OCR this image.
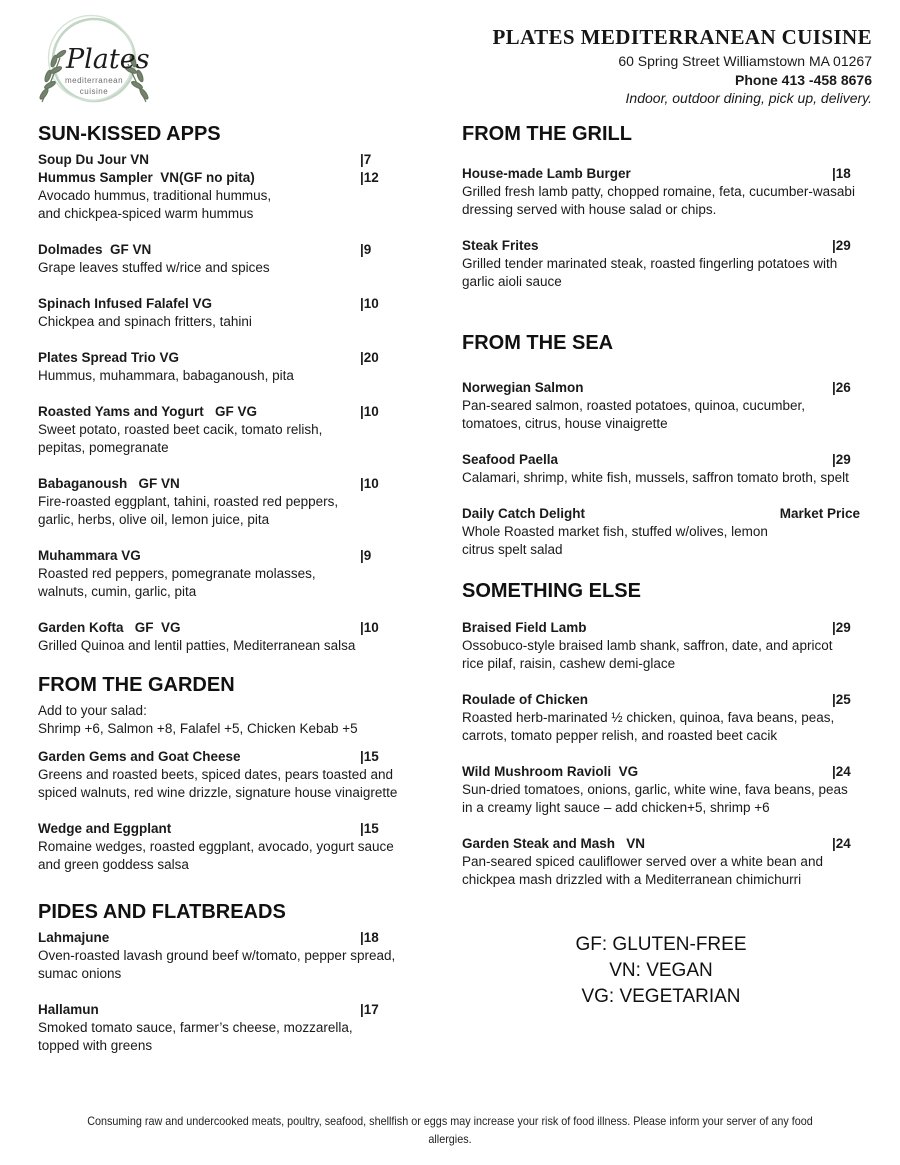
Plates
mediterranean
cuisine
PLATES MEDITERRANEAN CUISINE
60 Spring Street Williamstown MA 01267
Phone 413 -458 8676
Indoor, outdoor dining, pick up, delivery.
SUN-KISSED APPS
Soup Du Jour VN	|7
Hummus Sampler  VN(GF no pita)	|12
Avocado hummus, traditional hummus,
and chickpea-spiced warm hummus
Dolmades  GF VN	|9
Grape leaves stuffed w/rice and spices
Spinach Infused Falafel VG	|10
Chickpea and spinach fritters, tahini
Plates Spread Trio VG	|20
Hummus, muhammara, babaganoush, pita
Roasted Yams and Yogurt   GF VG	|10
Sweet potato, roasted beet cacik, tomato relish,
pepitas, pomegranate
Babaganoush   GF VN	|10
Fire-roasted eggplant, tahini, roasted red peppers,
garlic, herbs, olive oil, lemon juice, pita
Muhammara VG	|9
Roasted red peppers, pomegranate molasses,
walnuts, cumin, garlic, pita
Garden Kofta   GF  VG	|10
Grilled Quinoa and lentil patties, Mediterranean salsa
FROM THE GARDEN
Add to your salad:
Shrimp +6, Salmon +8, Falafel +5, Chicken Kebab +5
Garden Gems and Goat Cheese	|15
Greens and roasted beets, spiced dates, pears toasted and
spiced walnuts, red wine drizzle, signature house vinaigrette
Wedge and Eggplant	|15
Romaine wedges, roasted eggplant, avocado, yogurt sauce
and green goddess salsa
PIDES AND FLATBREADS
Lahmajune	|18
Oven-roasted lavash ground beef w/tomato, pepper spread,
sumac onions
Hallamun	|17
Smoked tomato sauce, farmer’s cheese, mozzarella,
topped with greens
FROM THE GRILL
House-made Lamb Burger	|18
Grilled fresh lamb patty, chopped romaine, feta, cucumber-wasabi
dressing served with house salad or chips.
Steak Frites	|29
Grilled tender marinated steak, roasted fingerling potatoes with
garlic aioli sauce
FROM THE SEA
Norwegian Salmon	|26
Pan-seared salmon, roasted potatoes, quinoa, cucumber,
tomatoes, citrus, house vinaigrette
Seafood Paella	|29
Calamari, shrimp, white fish, mussels, saffron tomato broth, spelt
Daily Catch Delight	Market Price
Whole Roasted market fish, stuffed w/olives, lemon
citrus spelt salad
SOMETHING ELSE
Braised Field Lamb	|29
Ossobuco-style braised lamb shank, saffron, date, and apricot
rice pilaf, raisin, cashew demi-glace
Roulade of Chicken	|25
Roasted herb-marinated ½ chicken, quinoa, fava beans, peas,
carrots, tomato pepper relish, and roasted beet cacik
Wild Mushroom Ravioli  VG	|24
Sun-dried tomatoes, onions, garlic, white wine, fava beans, peas
in a creamy light sauce – add chicken+5, shrimp +6
Garden Steak and Mash   VN	|24
Pan-seared spiced cauliflower served over a white bean and
chickpea mash drizzled with a Mediterranean chimichurri
GF: GLUTEN-FREE
VN: VEGAN
VG: VEGETARIAN
Consuming raw and undercooked meats, poultry, seafood, shellfish or eggs may increase your risk of food illness. Please inform your server of any food
allergies.
